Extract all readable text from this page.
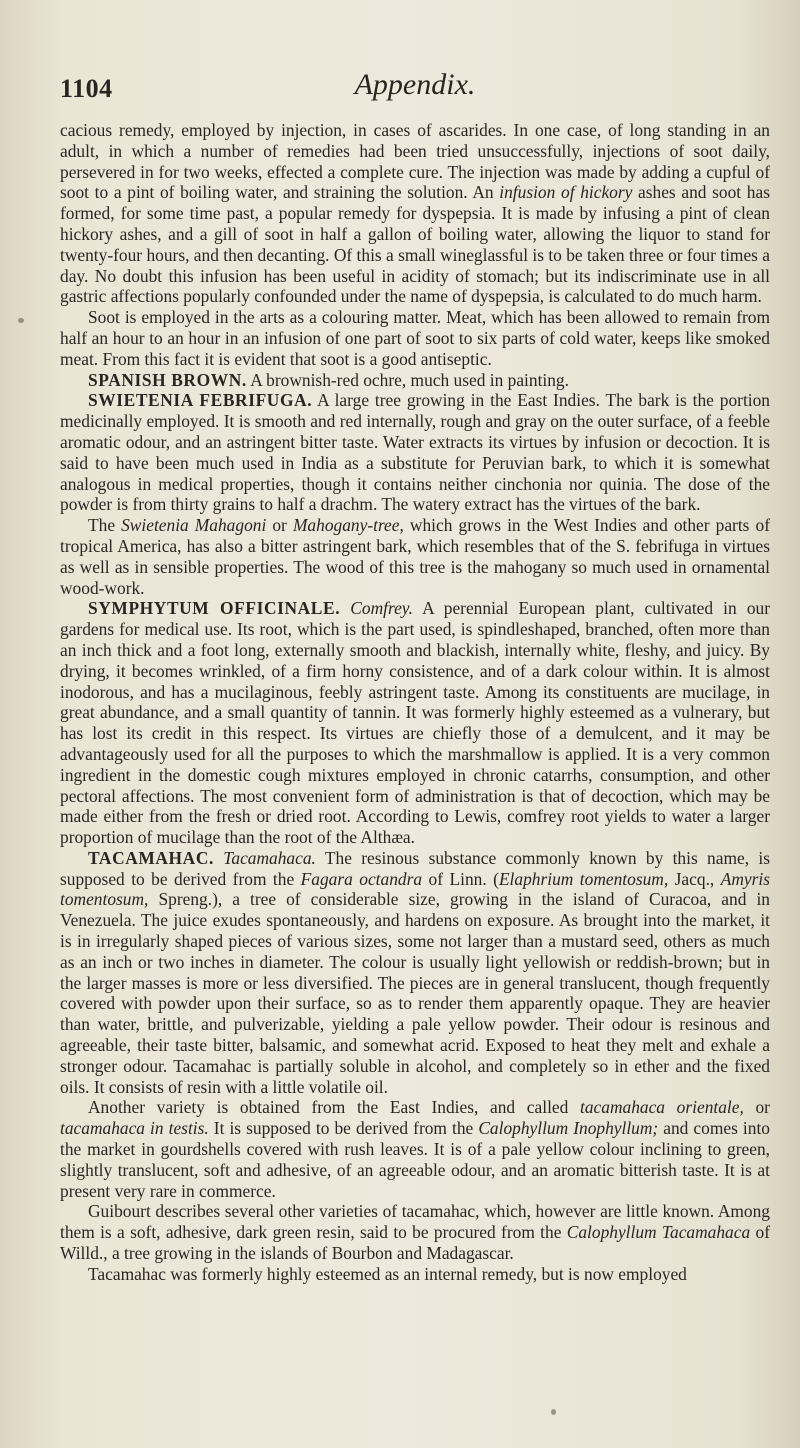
1104	Appendix.

cacious remedy, employed by injection, in cases of ascarides. In one case, of long standing in an adult, in which a number of remedies had been tried unsuccessfully, injections of soot daily, persevered in for two weeks, effected a complete cure. The injection was made by adding a cupful of soot to a pint of boiling water, and straining the solution. An infusion of hickory ashes and soot has formed, for some time past, a popular remedy for dyspepsia. It is made by infusing a pint of clean hickory ashes, and a gill of soot in half a gallon of boiling water, allowing the liquor to stand for twenty-four hours, and then decanting. Of this a small wineglassful is to be taken three or four times a day. No doubt this infusion has been useful in acidity of stomach; but its indiscriminate use in all gastric affections popularly confounded under the name of dyspepsia, is calculated to do much harm.

Soot is employed in the arts as a colouring matter. Meat, which has been allowed to remain from half an hour to an hour in an infusion of one part of soot to six parts of cold water, keeps like smoked meat. From this fact it is evident that soot is a good antiseptic.

SPANISH BROWN. A brownish-red ochre, much used in painting.

SWIETENIA FEBRIFUGA. A large tree growing in the East Indies. The bark is the portion medicinally employed. It is smooth and red internally, rough and gray on the outer surface, of a feeble aromatic odour, and an astringent bitter taste. Water extracts its virtues by infusion or decoction. It is said to have been much used in India as a substitute for Peruvian bark, to which it is somewhat analogous in medical properties, though it contains neither cinchonia nor quinia. The dose of the powder is from thirty grains to half a drachm. The watery extract has the virtues of the bark.

The Swietenia Mahagoni or Mahogany-tree, which grows in the West Indies and other parts of tropical America, has also a bitter astringent bark, which resembles that of the S. febrifuga in virtues as well as in sensible properties. The wood of this tree is the mahogany so much used in ornamental wood-work.

SYMPHYTUM OFFICINALE. Comfrey. A perennial European plant, cultivated in our gardens for medical use. Its root, which is the part used, is spindleshaped, branched, often more than an inch thick and a foot long, externally smooth and blackish, internally white, fleshy, and juicy. By drying, it becomes wrinkled, of a firm horny consistence, and of a dark colour within. It is almost inodorous, and has a mucilaginous, feebly astringent taste. Among its constituents are mucilage, in great abundance, and a small quantity of tannin. It was formerly highly esteemed as a vulnerary, but has lost its credit in this respect. Its virtues are chiefly those of a demulcent, and it may be advantageously used for all the purposes to which the marshmallow is applied. It is a very common ingredient in the domestic cough mixtures employed in chronic catarrhs, consumption, and other pectoral affections. The most convenient form of administration is that of decoction, which may be made either from the fresh or dried root. According to Lewis, comfrey root yields to water a larger proportion of mucilage than the root of the Althæa.

TACAMAHAC. Tacamahaca. The resinous substance commonly known by this name, is supposed to be derived from the Fagara octandra of Linn. (Elaphrium tomentosum, Jacq., Amyris tomentosum, Spreng.), a tree of considerable size, growing in the island of Curacoa, and in Venezuela. The juice exudes spontaneously, and hardens on exposure. As brought into the market, it is in irregularly shaped pieces of various sizes, some not larger than a mustard seed, others as much as an inch or two inches in diameter. The colour is usually light yellowish or reddish-brown; but in the larger masses is more or less diversified. The pieces are in general translucent, though frequently covered with powder upon their surface, so as to render them apparently opaque. They are heavier than water, brittle, and pulverizable, yielding a pale yellow powder. Their odour is resinous and agreeable, their taste bitter, balsamic, and somewhat acrid. Exposed to heat they melt and exhale a stronger odour. Tacamahac is partially soluble in alcohol, and completely so in ether and the fixed oils. It consists of resin with a little volatile oil.

Another variety is obtained from the East Indies, and called tacamahaca orientale, or tacamahaca in testis. It is supposed to be derived from the Calophyllum Inophyllum; and comes into the market in gourdshells covered with rush leaves. It is of a pale yellow colour inclining to green, slightly translucent, soft and adhesive, of an agreeable odour, and an aromatic bitterish taste. It is at present very rare in commerce.

Guibourt describes several other varieties of tacamahac, which, however are little known. Among them is a soft, adhesive, dark green resin, said to be procured from the Calophyllum Tacamahaca of Willd., a tree growing in the islands of Bourbon and Madagascar.

Tacamahac was formerly highly esteemed as an internal remedy, but is now employed
